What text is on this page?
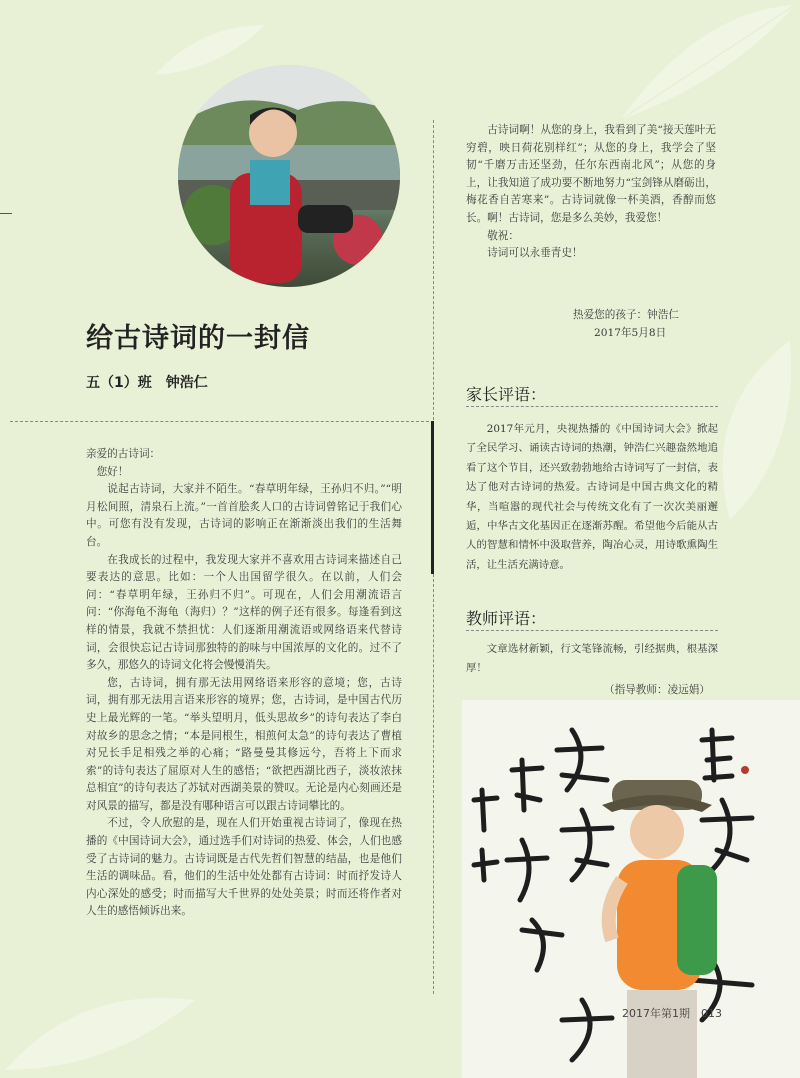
给古诗词的一封信
五（1）班　钟浩仁

亲爱的古诗词：

您好！

说起古诗词，大家并不陌生。“春草明年绿，王孙归不归。”“明月松间照，清泉石上流。”一首首脍炙人口的古诗词曾铭记于我们心中。可您有没有发现，古诗词的影响正在渐渐淡出我们的生活舞台。

在我成长的过程中，我发现大家并不喜欢用古诗词来描述自己要表达的意思。比如：一个人出国留学很久。在以前，人们会问：“春草明年绿，王孙归不归”。可现在，人们会用潮流语言问：“你海龟不海龟（海归）？”这样的例子还有很多。每逢看到这样的情景，我就不禁担忧：人们逐渐用潮流语或网络语来代替诗词，会很快忘记古诗词那独特的韵味与中国浓厚的文化的。过不了多久，那悠久的诗词文化将会慢慢消失。

您，古诗词，拥有那无法用网络语来形容的意境；您，古诗词，拥有那无法用言语来形容的境界；您，古诗词，是中国古代历史上最光辉的一笔。“举头望明月，低头思故乡”的诗句表达了李白对故乡的思念之情；“本是同根生，相煎何太急”的诗句表达了曹植对兄长手足相残之举的心痛；“路曼曼其修远兮，吾将上下而求索”的诗句表达了屈原对人生的感悟；“欲把西湖比西子，淡妆浓抹总相宜”的诗句表达了苏轼对西湖美景的赞叹。无论是内心刻画还是对风景的描写，都是没有哪种语言可以跟古诗词攀比的。

不过，令人欣慰的是，现在人们开始重视古诗词了，像现在热播的《中国诗词大会》，通过选手们对诗词的热爱、体会，人们也感受了古诗词的魅力。古诗词既是古代先哲们智慧的结晶，也是他们生活的调味品。看，他们的生活中处处都有古诗词：时而抒发诗人内心深处的感受；时而描写大千世界的处处美景；时而还将作者对人生的感悟倾诉出来。

古诗词啊！从您的身上，我看到了美“接天莲叶无穷碧，映日荷花别样红”；从您的身上，我学会了坚韧“千磨万击还坚劲，任尔东西南北风”；从您的身上，让我知道了成功要不断地努力“宝剑锋从磨砺出，梅花香自苦寒来”。古诗词就像一杯美酒，香醇而悠长。啊！古诗词，您是多么美妙，我爱您！

敬祝：

诗词可以永垂青史！

热爱您的孩子：钟浩仁
2017年5月8日
家长评语：

2017年元月，央视热播的《中国诗词大会》掀起了全民学习、诵读古诗词的热潮，钟浩仁兴趣盎然地追看了这个节目，还兴致勃勃地给古诗词写了一封信，表达了他对古诗词的热爱。古诗词是中国古典文化的精华，当喧嚣的现代社会与传统文化有了一次次美丽邂逅，中华古文化基因正在逐渐苏醒。希望他今后能从古人的智慧和情怀中汲取营养，陶冶心灵，用诗歌熏陶生活，让生活充满诗意。

教师评语：

文章选材新颖，行文笔锋流畅，引经据典，根基深厚！

（指导教师：凌远娟）
2017年第1期　013
